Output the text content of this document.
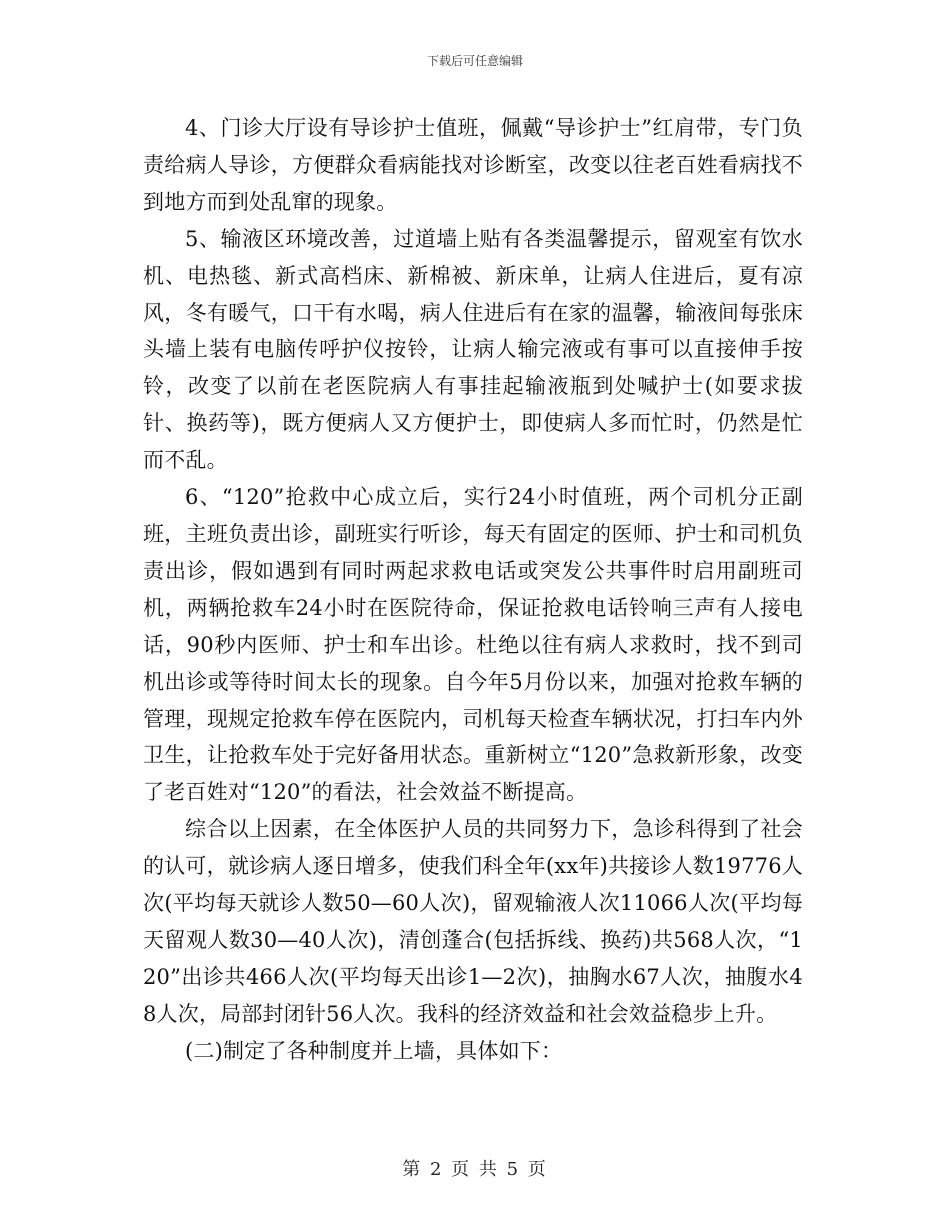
下载后可任意编辑

4、门诊大厅设有导诊护士值班，佩戴“导诊护士”红肩带，专门负责给病人导诊，方便群众看病能找对诊断室，改变以往老百姓看病找不到地方而到处乱窜的现象。

5、输液区环境改善，过道墙上贴有各类温馨提示，留观室有饮水机、电热毯、新式高档床、新棉被、新床单，让病人住进后，夏有凉风，冬有暖气，口干有水喝，病人住进后有在家的温馨，输液间每张床头墙上装有电脑传呼护仪按铃，让病人输完液或有事可以直接伸手按铃，改变了以前在老医院病人有事挂起输液瓶到处喊护士(如要求拔针、换药等)，既方便病人又方便护士，即使病人多而忙时，仍然是忙而不乱。

6、“120”抢救中心成立后，实行24小时值班，两个司机分正副班，主班负责出诊，副班实行听诊，每天有固定的医师、护士和司机负责出诊，假如遇到有同时两起求救电话或突发公共事件时启用副班司机，两辆抢救车24小时在医院待命，保证抢救电话铃响三声有人接电话，90秒内医师、护士和车出诊。杜绝以往有病人求救时，找不到司机出诊或等待时间太长的现象。自今年5月份以来，加强对抢救车辆的管理，现规定抢救车停在医院内，司机每天检查车辆状况，打扫车内外卫生，让抢救车处于完好备用状态。重新树立“120”急救新形象，改变了老百姓对“120”的看法，社会效益不断提高。

综合以上因素，在全体医护人员的共同努力下，急诊科得到了社会的认可，就诊病人逐日增多，使我们科全年(xx年)共接诊人数19776人次(平均每天就诊人数50—60人次)，留观输液人次11066人次(平均每天留观人数30—40人次)，清创蓬合(包括拆线、换药)共568人次，“120”出诊共466人次(平均每天出诊1—2次)，抽胸水67人次，抽腹水48人次，局部封闭针56人次。我科的经济效益和社会效益稳步上升。

(二)制定了各种制度并上墙，具体如下：

第 2 页 共 5 页
